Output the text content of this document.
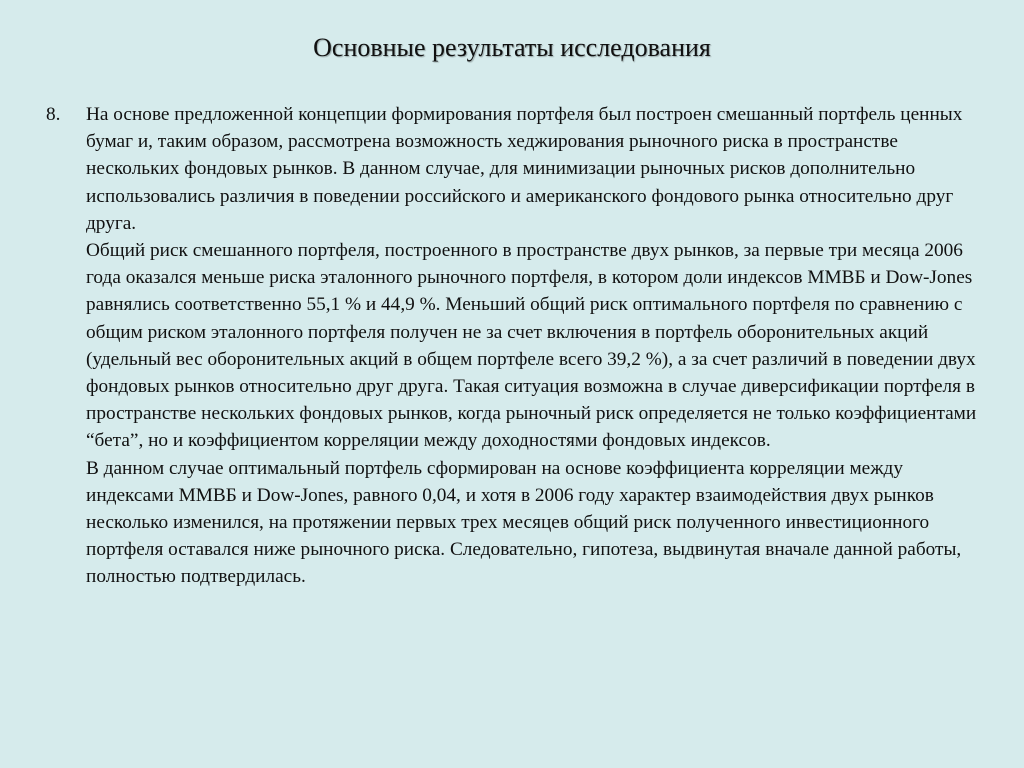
Основные результаты исследования
8.	На основе предложенной концепции формирования портфеля был построен смешанный портфель ценных бумаг и, таким образом, рассмотрена возможность хеджирования рыночного риска в пространстве нескольких фондовых рынков. В данном случае, для минимизации рыночных рисков дополнительно использовались различия в поведении российского и американского фондового рынка относительно друг друга.

Общий риск смешанного портфеля, построенного в пространстве двух рынков, за первые три месяца 2006 года оказался меньше риска эталонного рыночного портфеля, в котором доли индексов ММВБ и Dow-Jones равнялись соответственно 55,1 % и 44,9 %. Меньший общий риск оптимального портфеля по сравнению с общим риском эталонного портфеля получен не за счет включения в портфель оборонительных акций (удельный вес оборонительных акций в общем портфеле всего 39,2 %), а за счет различий в поведении двух фондовых рынков относительно друг друга. Такая ситуация возможна в случае диверсификации портфеля в пространстве нескольких фондовых рынков, когда рыночный риск определяется не только коэффициентами “бета”, но и коэффициентом корреляции между доходностями фондовых индексов.

В данном случае оптимальный портфель сформирован на основе коэффициента корреляции между индексами ММВБ и Dow-Jones, равного 0,04, и хотя в 2006 году характер взаимодействия двух рынков несколько изменился, на протяжении первых трех месяцев общий риск полученного инвестиционного портфеля оставался ниже рыночного риска. Следовательно, гипотеза, выдвинутая вначале данной работы, полностью подтвердилась.
